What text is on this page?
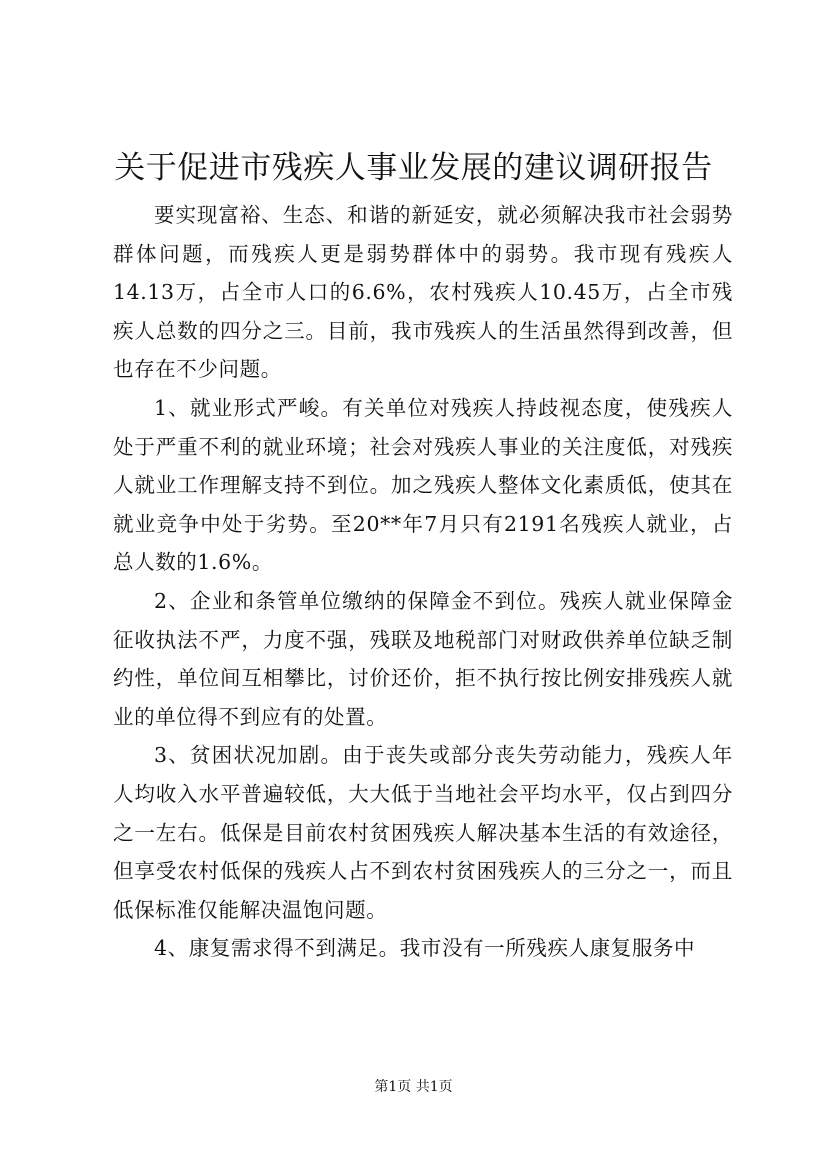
关于促进市残疾人事业发展的建议调研报告

要实现富裕、生态、和谐的新延安，就必须解决我市社会弱势群体问题，而残疾人更是弱势群体中的弱势。我市现有残疾人14.13万，占全市人口的6.6%，农村残疾人10.45万，占全市残疾人总数的四分之三。目前，我市残疾人的生活虽然得到改善，但也存在不少问题。

1、就业形式严峻。有关单位对残疾人持歧视态度，使残疾人处于严重不利的就业环境；社会对残疾人事业的关注度低，对残疾人就业工作理解支持不到位。加之残疾人整体文化素质低，使其在就业竞争中处于劣势。至20**年7月只有2191名残疾人就业，占总人数的1.6%。

2、企业和条管单位缴纳的保障金不到位。残疾人就业保障金征收执法不严，力度不强，残联及地税部门对财政供养单位缺乏制约性，单位间互相攀比，讨价还价，拒不执行按比例安排残疾人就业的单位得不到应有的处置。

3、贫困状况加剧。由于丧失或部分丧失劳动能力，残疾人年人均收入水平普遍较低，大大低于当地社会平均水平，仅占到四分之一左右。低保是目前农村贫困残疾人解决基本生活的有效途径，但享受农村低保的残疾人占不到农村贫困残疾人的三分之一，而且低保标准仅能解决温饱问题。

4、康复需求得不到满足。我市没有一所残疾人康复服务中

第1页 共1页
